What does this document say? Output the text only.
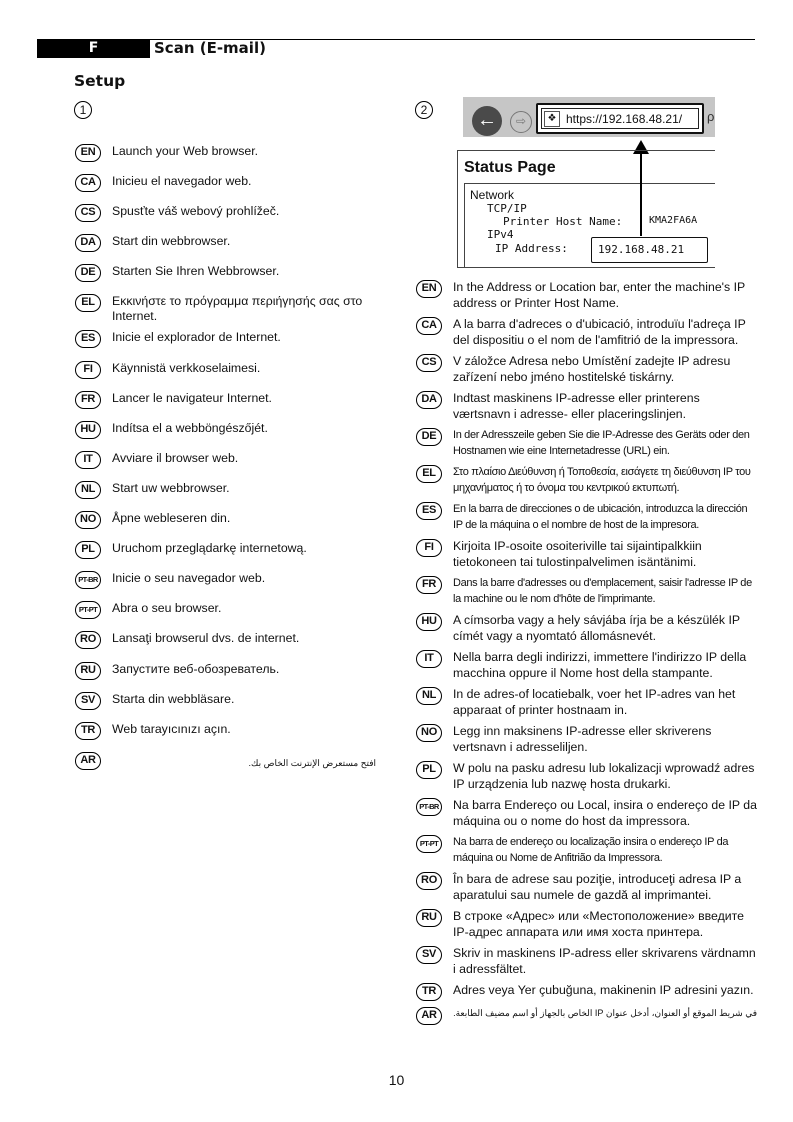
F	Scan (E-mail)
Setup
1	2
EN	Launch your Web browser.
CA	Inicieu el navegador web.
CS	Spusťte váš webový prohlížeč.
DA	Start din webbrowser.
DE	Starten Sie Ihren Webbrowser.
EL	Εκκινήστε το πρόγραμμα περιήγησής σας στο Internet.
ES	Inicie el explorador de Internet.
FI	Käynnistä verkkoselaimesi.
FR	Lancer le navigateur Internet.
HU	Indítsa el a webböngészőjét.
IT	Avviare il browser web.
NL	Start uw webbrowser.
NO	Åpne webleseren din.
PL	Uruchom przeglądarkę internetową.
PT-BR Inicie o seu navegador web.
PT-PT	Abra o seu browser.
RO	Lansaţi browserul dvs. de internet.
RU	Запустите веб-обозреватель.
SV	Starta din webbläsare.
TR	Web tarayıcınızı açın.
AR	افتح مستعرض الإنترنت الخاص بك.
←	⇨	❖ https://192.168.48.21/ ρ
Status Page
Network
TCP/IP
Printer Host Name:	KMA2FA6A
IPv4
IP Address:	192.168.48.21
EN	In the Address or Location bar, enter the machine's IP address or Printer Host Name.
CA	A la barra d'adreces o d'ubicació, introduïu l'adreça IP del dispositiu o el nom de l'amfitrió de la impressora.
CS	V záložce Adresa nebo Umístění zadejte IP adresu zařízení nebo jméno hostitelské tiskárny.
DA	Indtast maskinens IP-adresse eller printerens værtsnavn i adresse- eller placeringslinjen.
DE	In der Adresszeile geben Sie die IP-Adresse des Geräts oder den Hostnamen wie eine Internetadresse (URL) ein.
EL	Στο πλαίσιο Διεύθυνση ή Τοποθεσία, εισάγετε τη διεύθυνση IP του μηχανήματος ή το όνομα του κεντρικού εκτυπωτή.
ES	En la barra de direcciones o de ubicación, introduzca la dirección IP de la máquina o el nombre de host de la impresora.
FI	Kirjoita IP-osoite osoiteriville tai sijaintipalkkiin tietokoneen tai tulostinpalvelimen isäntänimi.
FR	Dans la barre d'adresses ou d'emplacement, saisir l'adresse IP de la machine ou le nom d'hôte de l'imprimante.
HU	A címsorba vagy a hely sávjába írja be a készülék IP címét vagy a nyomtató állomásnevét.
IT	Nella barra degli indirizzi, immettere l'indirizzo IP della macchina oppure il Nome host della stampante.
NL	In de adres-of locatiebalk, voer het IP-adres van het apparaat of printer hostnaam in.
NO	Legg inn maksinens IP-adresse eller skriverens vertsnavn i adresseliljen.
PL	W polu na pasku adresu lub lokalizacji wprowadź adres IP urządzenia lub nazwę hosta drukarki.
PT-BR Na barra Endereço ou Local, insira o endereço de IP da máquina ou o nome do host da impressora.
PT-PT	Na barra de endereço ou localização insira o endereço IP da máquina ou Nome de Anfitrião da Impressora.
RO	În bara de adrese sau poziţie, introduceţi adresa IP a aparatului sau numele de gazdă al imprimantei.
RU	В строке «Адрес» или «Местоположение» введите IP-адрес аппарата или имя хоста принтера.
SV	Skriv in maskinens IP-adress eller skrivarens värdnamn i adressfältet.
TR	Adres veya Yer çubuğuna, makinenin IP adresini yazın.
AR	في شريط الموقع أو العنوان، أدخل عنوان IP الخاص بالجهاز أو اسم مضيف الطابعة.
10
